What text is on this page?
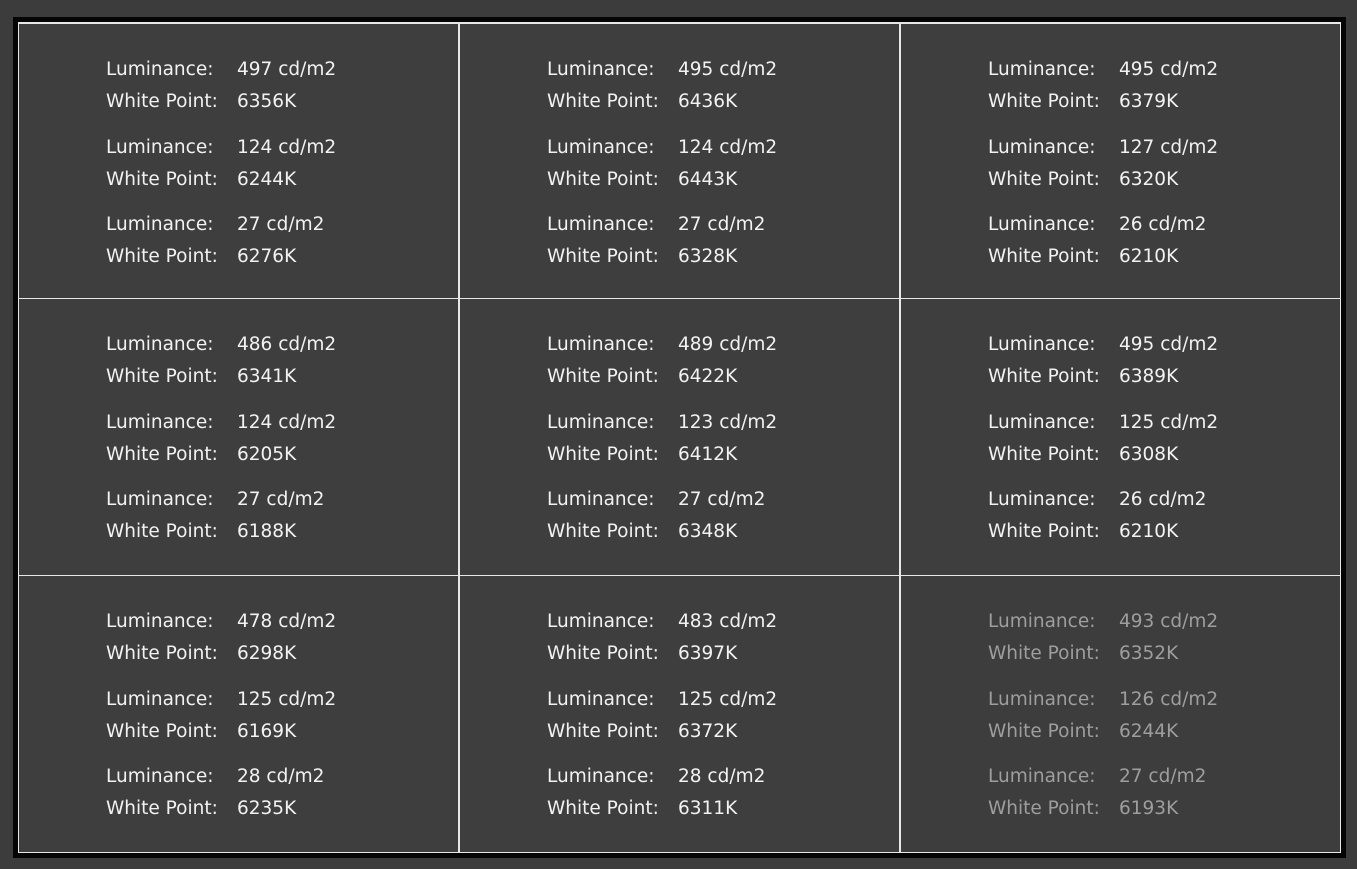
Luminance: 497 cd/m2
White Point: 6356K
Luminance: 124 cd/m2
White Point: 6244K
Luminance: 27 cd/m2
White Point: 6276K
Luminance: 495 cd/m2
White Point: 6436K
Luminance: 124 cd/m2
White Point: 6443K
Luminance: 27 cd/m2
White Point: 6328K
Luminance: 495 cd/m2
White Point: 6379K
Luminance: 127 cd/m2
White Point: 6320K
Luminance: 26 cd/m2
White Point: 6210K
Luminance: 486 cd/m2
White Point: 6341K
Luminance: 124 cd/m2
White Point: 6205K
Luminance: 27 cd/m2
White Point: 6188K
Luminance: 489 cd/m2
White Point: 6422K
Luminance: 123 cd/m2
White Point: 6412K
Luminance: 27 cd/m2
White Point: 6348K
Luminance: 495 cd/m2
White Point: 6389K
Luminance: 125 cd/m2
White Point: 6308K
Luminance: 26 cd/m2
White Point: 6210K
Luminance: 478 cd/m2
White Point: 6298K
Luminance: 125 cd/m2
White Point: 6169K
Luminance: 28 cd/m2
White Point: 6235K
Luminance: 483 cd/m2
White Point: 6397K
Luminance: 125 cd/m2
White Point: 6372K
Luminance: 28 cd/m2
White Point: 6311K
Luminance: 493 cd/m2
White Point: 6352K
Luminance: 126 cd/m2
White Point: 6244K
Luminance: 27 cd/m2
White Point: 6193K
